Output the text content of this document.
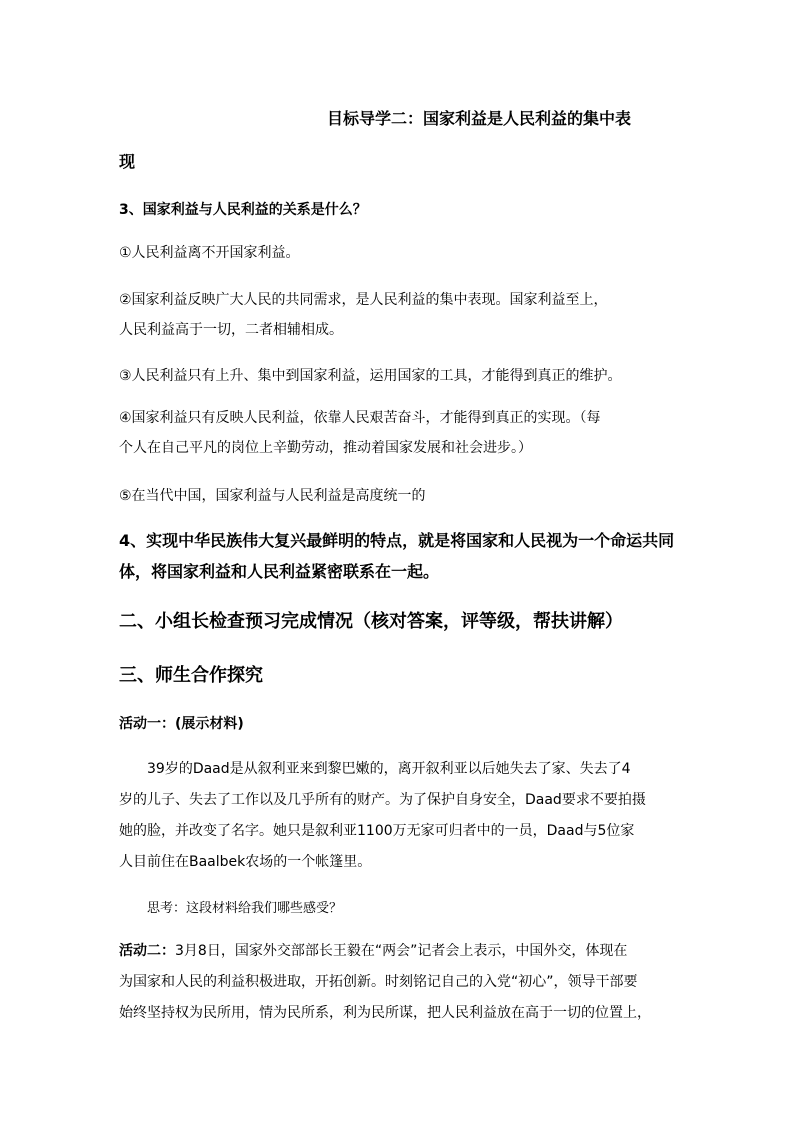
目标导学二：国家利益是人民利益的集中表
现
3、国家利益与人民利益的关系是什么？
①人民利益离不开国家利益。
②国家利益反映广大人民的共同需求，是人民利益的集中表现。国家利益至上，
人民利益高于一切，二者相辅相成。
③人民利益只有上升、集中到国家利益，运用国家的工具，才能得到真正的维护。
④国家利益只有反映人民利益，依靠人民艰苦奋斗，才能得到真正的实现。（每
个人在自己平凡的岗位上辛勤劳动，推动着国家发展和社会进步。）
⑤在当代中国，国家利益与人民利益是高度统一的
4、实现中华民族伟大复兴最鲜明的特点，就是将国家和人民视为一个命运共同
体，将国家利益和人民利益紧密联系在一起。
二、小组长检查预习完成情况（核对答案，评等级，帮扶讲解）
三、师生合作探究
活动一：(展示材料)
39岁的Daad是从叙利亚来到黎巴嫩的，离开叙利亚以后她失去了家、失去了4
岁的儿子、失去了工作以及几乎所有的财产。为了保护自身安全，Daad要求不要拍摄
她的脸，并改变了名字。她只是叙利亚1100万无家可归者中的一员，Daad与5位家
人目前住在Baalbek农场的一个帐篷里。
思考：这段材料给我们哪些感受？
活动二：3月8日，国家外交部部长王毅在“两会”记者会上表示，中国外交，体现在
为国家和人民的利益积极进取，开拓创新。时刻铭记自己的入党“初心”，领导干部要
始终坚持权为民所用，情为民所系，利为民所谋，把人民利益放在高于一切的位置上，
